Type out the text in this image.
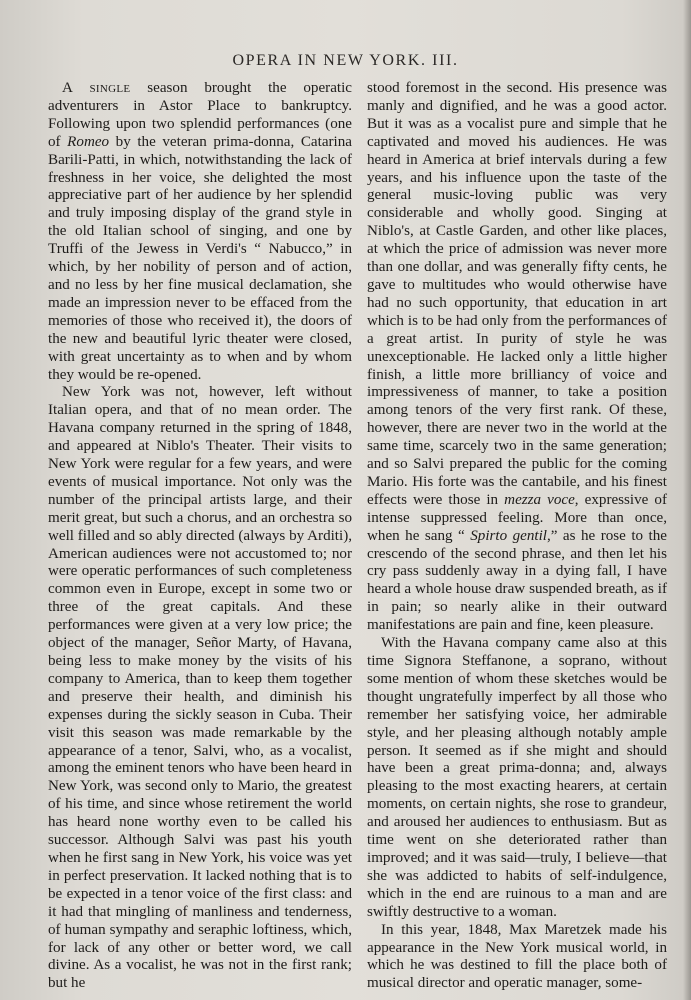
OPERA IN NEW YORK. III.

A single season brought the operatic adventurers in Astor Place to bankruptcy. Following upon two splendid performances (one of Romeo by the veteran prima-donna, Catarina Barili-Patti, in which, notwithstanding the lack of freshness in her voice, she delighted the most appreciative part of her audience by her splendid and truly imposing display of the grand style in the old Italian school of singing, and one by Truffi of the Jewess in Verdi's “ Nabucco,” in which, by her nobility of person and of action, and no less by her fine musical declamation, she made an impression never to be effaced from the memories of those who received it), the doors of the new and beautiful lyric theater were closed, with great uncertainty as to when and by whom they would be re-opened.

New York was not, however, left without Italian opera, and that of no mean order. The Havana company returned in the spring of 1848, and appeared at Niblo's Theater. Their visits to New York were regular for a few years, and were events of musical importance. Not only was the number of the principal artists large, and their merit great, but such a chorus, and an orchestra so well filled and so ably directed (always by Arditi), American audiences were not accustomed to; nor were operatic performances of such completeness common even in Europe, except in some two or three of the great capitals. And these performances were given at a very low price; the object of the manager, Señor Marty, of Havana, being less to make money by the visits of his company to America, than to keep them together and preserve their health, and diminish his expenses during the sickly season in Cuba. Their visit this season was made remarkable by the appearance of a tenor, Salvi, who, as a vocalist, among the eminent tenors who have been heard in New York, was second only to Mario, the greatest of his time, and since whose retirement the world has heard none worthy even to be called his successor. Although Salvi was past his youth when he first sang in New York, his voice was yet in perfect preservation. It lacked nothing that is to be expected in a tenor voice of the first class: and it had that mingling of manliness and tenderness, of human sympathy and seraphic loftiness, which, for lack of any other or better word, we call divine. As a vocalist, he was not in the first rank; but he

stood foremost in the second. His presence was manly and dignified, and he was a good actor. But it was as a vocalist pure and simple that he captivated and moved his audiences. He was heard in America at brief intervals during a few years, and his influence upon the taste of the general music-loving public was very considerable and wholly good. Singing at Niblo's, at Castle Garden, and other like places, at which the price of admission was never more than one dollar, and was generally fifty cents, he gave to multitudes who would otherwise have had no such opportunity, that education in art which is to be had only from the performances of a great artist. In purity of style he was unexceptionable. He lacked only a little higher finish, a little more brilliancy of voice and impressiveness of manner, to take a position among tenors of the very first rank. Of these, however, there are never two in the world at the same time, scarcely two in the same generation; and so Salvi prepared the public for the coming Mario. His forte was the cantabile, and his finest effects were those in mezza voce, expressive of intense suppressed feeling. More than once, when he sang “ Spirto gentil,” as he rose to the crescendo of the second phrase, and then let his cry pass suddenly away in a dying fall, I have heard a whole house draw suspended breath, as if in pain; so nearly alike in their outward manifestations are pain and fine, keen pleasure.

With the Havana company came also at this time Signora Steffanone, a soprano, without some mention of whom these sketches would be thought ungratefully imperfect by all those who remember her satisfying voice, her admirable style, and her pleasing although notably ample person. It seemed as if she might and should have been a great prima-donna; and, always pleasing to the most exacting hearers, at certain moments, on certain nights, she rose to grandeur, and aroused her audiences to enthusiasm. But as time went on she deteriorated rather than improved; and it was said—truly, I believe—that she was addicted to habits of self-indulgence, which in the end are ruinous to a man and are swiftly destructive to a woman.

In this year, 1848, Max Maretzek made his appearance in the New York musical world, in which he was destined to fill the place both of musical director and operatic manager, some-
